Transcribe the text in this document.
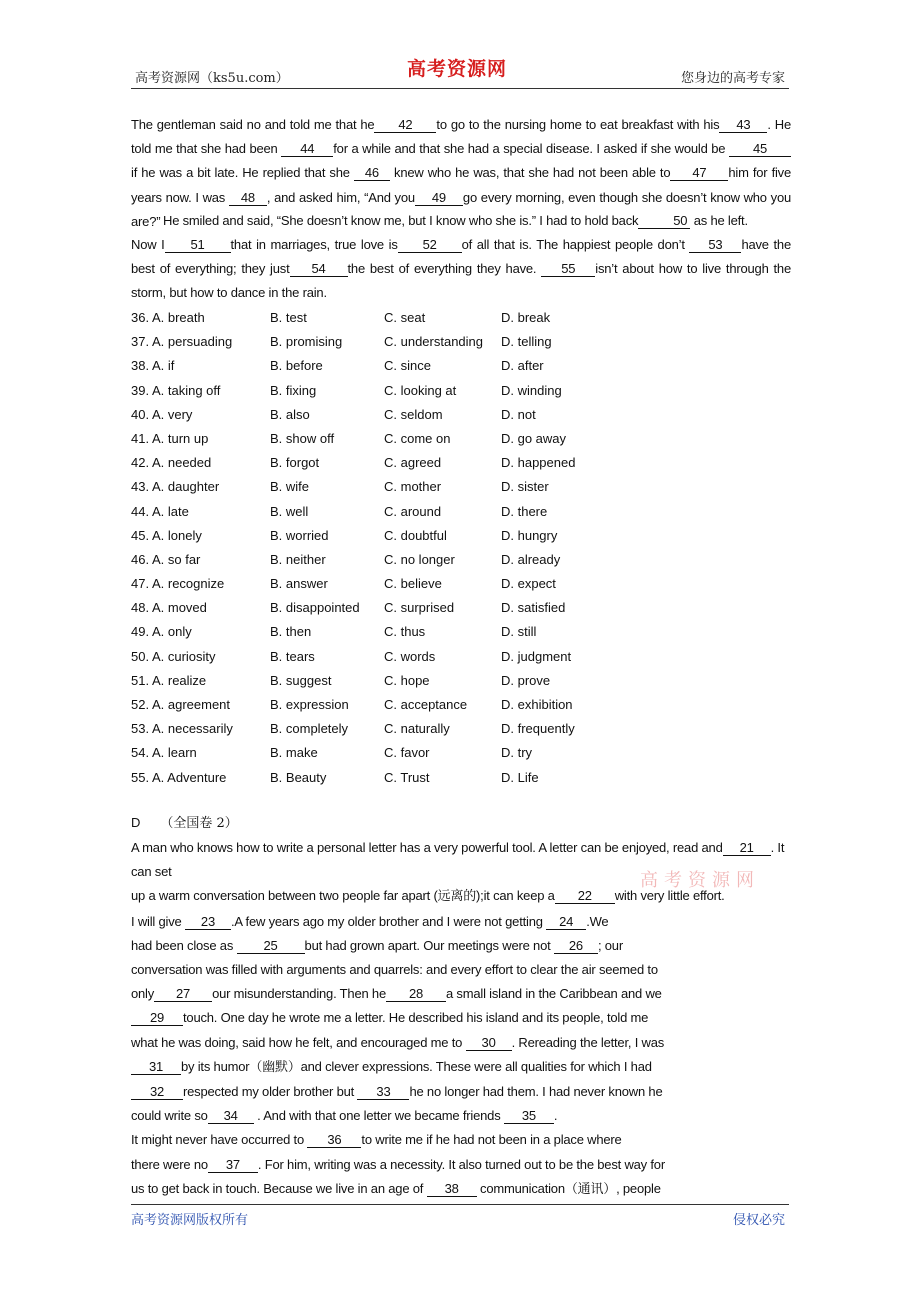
高考资源网（ks5u.com）	高考资源网	您身边的高考专家
The gentleman said no and told me that he 42 to go to the nursing home to eat breakfast with his 43 . He told me that she had been 44 for a while and that she had a special disease. I asked if she would be 45if he was a bit late. He replied that she 46 knew who he was, that she had not been able to 47 him for five years now. I was 48 , and asked him, “And you 49 go every morning, even though she doesn’t know who you are?” He smiled and said, “She doesn’t know me, but I know who she is.” I had to hold back	50 as he left.
Now I 51 that in marriages, true love is 52 of all that is. The happiest people don’t 53 have the best of everything; they just 54 the best of everything they have. 55 isn’t about how to live through the storm, but how to dance in the rain.
36. A. breath	B. test	C. seat	D. break
37. A. persuading	B. promising	C. understanding D. telling
38. A. if	B. before	C. since	D. after
39. A. taking off	B. fixing	C. looking at	D. winding
40. A. very	B. also	C. seldom	D. not
41. A. turn up	B. show off	C. come on	D. go away
42. A. needed	B. forgot	C. agreed	D. happened
43. A. daughter	B. wife	C. mother	D. sister
44. A. late	B. well	C. around	D. there
45. A. lonely	B. worried	C. doubtful	D. hungry
46. A. so far	B. neither	C. no longer	D. already
47. A. recognize	B. answer	C. believe	D. expect
48. A. moved	B. disappointed C. surprised	D. satisfied
49. A. only	B. then	C. thus	D. still
50. A. curiosity	B. tears	C. words	D. judgment
51. A. realize	B. suggest	C. hope	D. prove
52. A. agreement	B. expression	C. acceptance	D. exhibition
53. A. necessarily	B. completely	C. naturally	D. frequently
54. A. learn	B. make	C. favor	D. try
55. A. Adventure	B. Beauty	C. Trust	D. Life
D （全国卷 2）
高考资源网
A man who knows how to write a personal letter has a very powerful tool. A letter can be enjoyed, read and 21 . It can set
up a warm conversation between two people far apart (远离的);it can keep a 22 with very little effort.
I will give 23 .A few years ago my older brother and I were not getting 24 .We
had been close as 25 but had grown apart. Our meetings were not 26 ; our
conversation was filled with arguments and quarrels: and every effort to clear the air seemed to
only 27 our misunderstanding. Then he 28 a small island in the Caribbean and we
29 touch. One day he wrote me a letter. He described his island and its people, told me
what he was doing, said how he felt, and encouraged me to 30 . Rereading the letter, I was
31 by its humor（幽默）and clever expressions. These were all qualities for which I had
32 respected my older brother but 33 he no longer had them. I had never known he
could write so 34 . And with that one letter we became friends 35 .
It might never have occurred to 36 to write me if he had not been in a place where
there were no 37 . For him, writing was a necessity. It also turned out to be the best way for
us to get back in touch. Because we live in an age of 38 communication（通讯）, people
高考资源网版权所有	侵权必究
